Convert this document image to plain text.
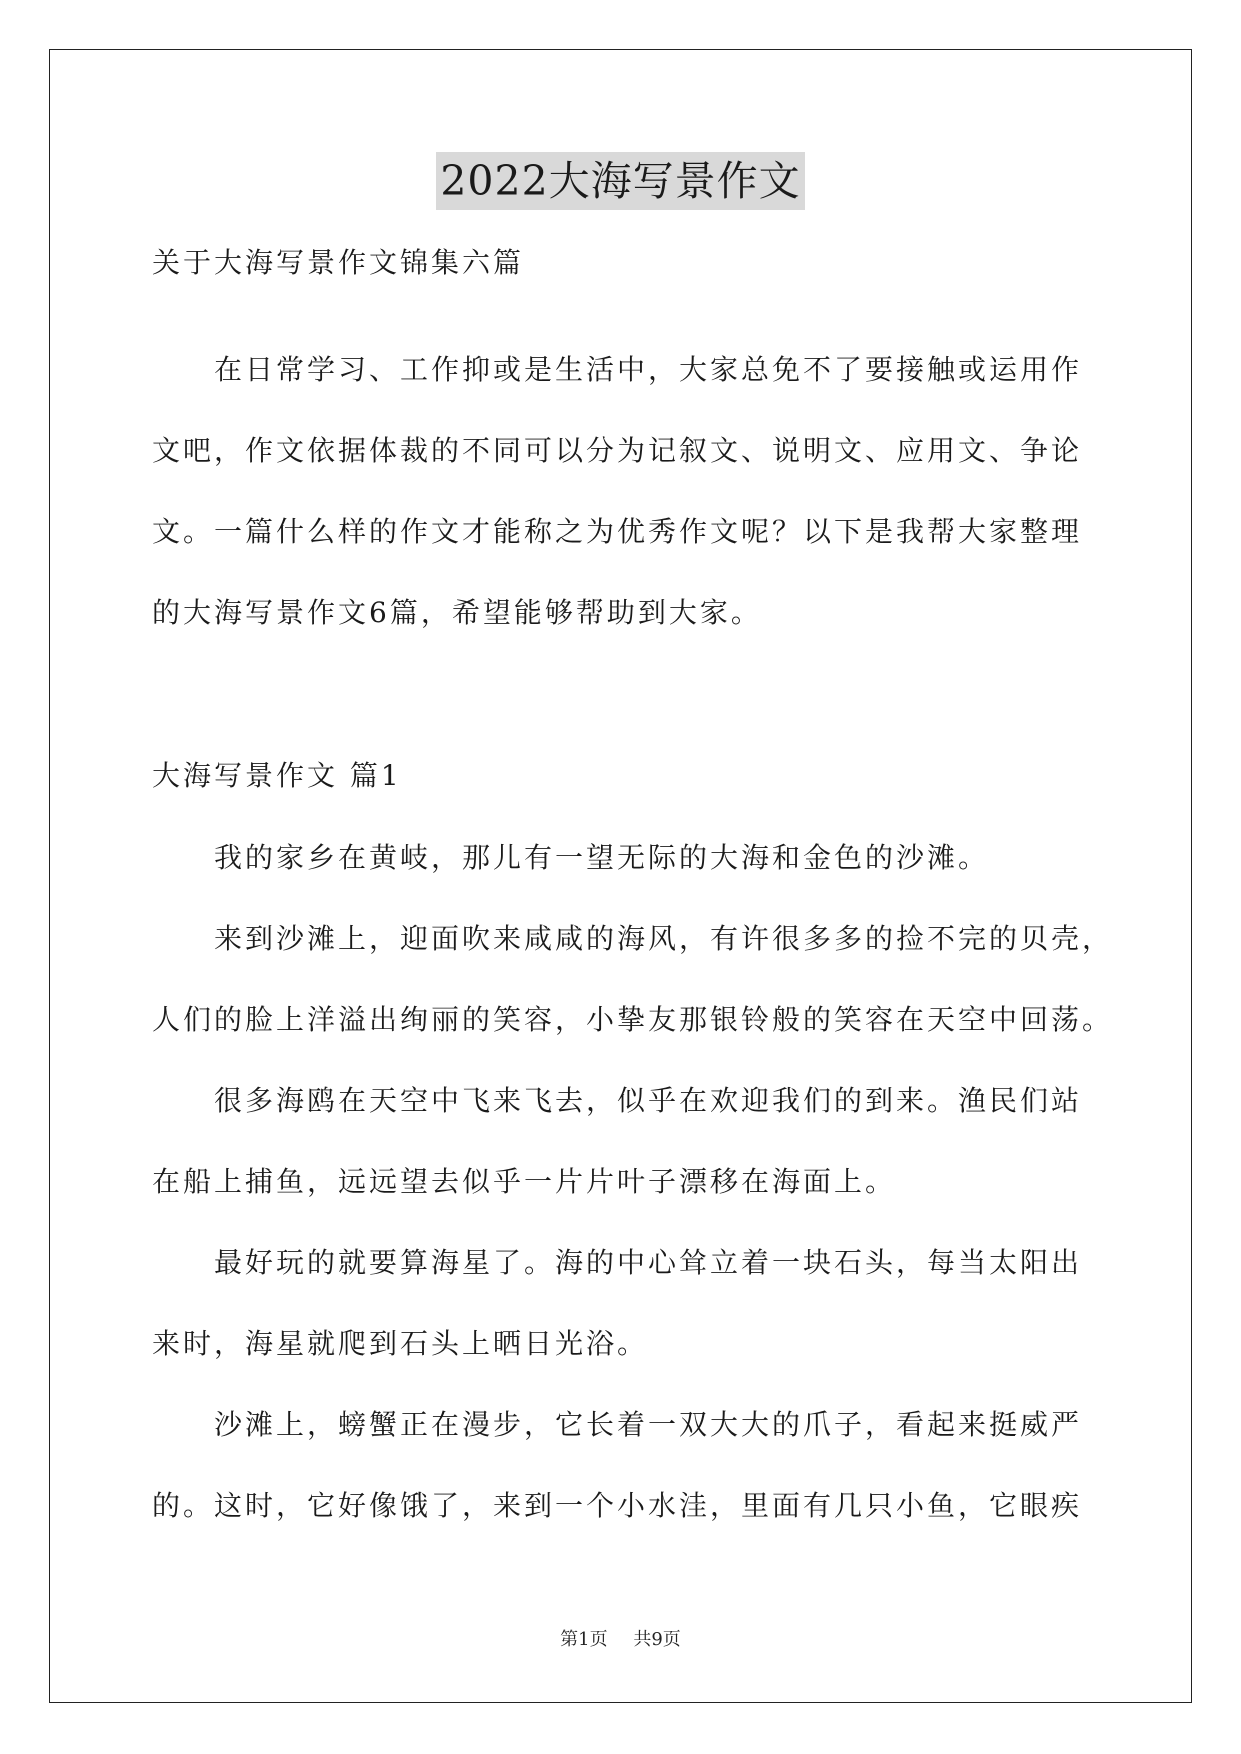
2022大海写景作文
关于大海写景作文锦集六篇
　　在日常学习、工作抑或是生活中，大家总免不了要接触或运用作
文吧，作文依据体裁的不同可以分为记叙文、说明文、应用文、争论
文。一篇什么样的作文才能称之为优秀作文呢？以下是我帮大家整理
的大海写景作文6篇，希望能够帮助到大家。
大海写景作文 篇1
　　我的家乡在黄岐，那儿有一望无际的大海和金色的沙滩。
　　来到沙滩上，迎面吹来咸咸的海风，有许很多多的捡不完的贝壳，
人们的脸上洋溢出绚丽的笑容，小挚友那银铃般的笑容在天空中回荡。
　　很多海鸥在天空中飞来飞去，似乎在欢迎我们的到来。渔民们站
在船上捕鱼，远远望去似乎一片片叶子漂移在海面上。
　　最好玩的就要算海星了。海的中心耸立着一块石头，每当太阳出
来时，海星就爬到石头上晒日光浴。
　　沙滩上，螃蟹正在漫步，它长着一双大大的爪子，看起来挺威严
的。这时，它好像饿了，来到一个小水洼，里面有几只小鱼，它眼疾
第1页 共9页
